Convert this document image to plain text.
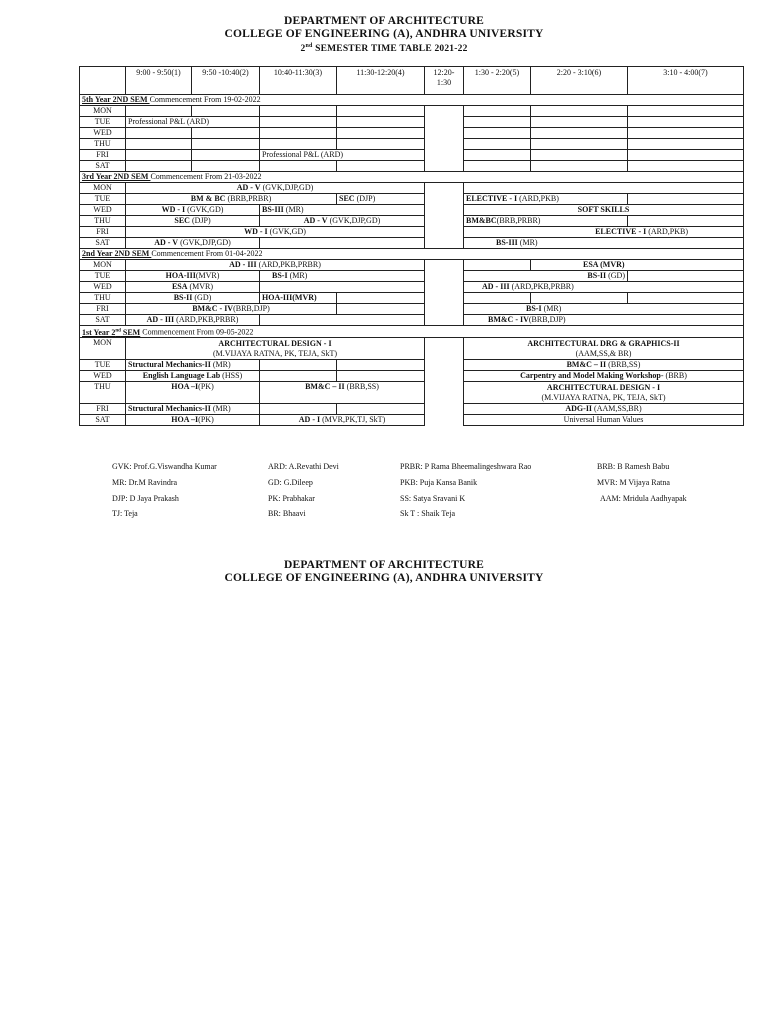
DEPARTMENT OF ARCHITECTURE
COLLEGE OF ENGINEERING (A), ANDHRA UNIVERSITY
2nd SEMESTER TIME TABLE 2021-22
	9:00 - 9:50(1)	9:50 -10:40(2)	10:40-11:30(3)	11:30-12:20(4)	12:20-1:30	1:30 - 2:20(5)	2:20 - 3:10(6)	3:10 - 4:00(7)
5th Year 2ND SEM Commencement From 19-02-2022								
MON								
TUE	Professional P&L (ARD)							
WED								
THU								
FRI			Professional P&L (ARD)					
SAT								
3rd Year 2ND SEM Commencement From 21-03-2022								
MON	AD - V (GVK,DJP,GD)							
TUE	BM & BC (BRB,PRBR)			SEC (DJP)		ELECTIVE - I (ARD,PKB)		
WED	WD - I (GVK,GD)		BS-III (MR)			SOFT SKILLS		
THU	SEC (DJP)		AD - V (GVK,DJP,GD)			BM&BC(BRB,PRBR)		
FRI	WD - I (GVK,GD)					ELECTIVE - I (ARD,PKB)		
SAT	AD - V (GVK,DJP,GD)					BS-III (MR)		
2nd Year 2ND SEM Commencement From 01-04-2022								
MON	AD - III (ARD,PKB,PRBR)						ESA (MVR)	
TUE	HOA-III(MVR)		BS-I (MR)			BS-II (GD)		
WED	ESA (MVR)					AD - III (ARD,PKB,PRBR)		
THU	BS-II (GD)		HOA-III(MVR)					
FRI	BM&C - IV(BRB,DJP)					BS-I (MR)		
SAT	AD - III (ARD,PKB,PRBR)					BM&C - IV(BRB,DJP)		
1st Year 2nd SEM Commencement From 09-05-2022								
MON	ARCHITECTURAL DESIGN - I
(M.VIJAYA RATNA, PK, TEJA, SkT)					ARCHITECTURAL DRG & GRAPHICS-II
(AAM,SS,& BR)		
TUE	Structural Mechanics-II (MR)					BM&C – II (BRB,SS)		
WED	English Language Lab (HSS)					Carpentry and Model Making Workshop- (BRB)		
THU	HOA –I(PK)		BM&C – II (BRB,SS)			ARCHITECTURAL DESIGN - I
(M.VIJAYA RATNA, PK, TEJA, SkT)		
FRI	Structural Mechanics-II (MR)					ADG-II (AAM,SS,BR)		
SAT	HOA –I(PK)		AD - I (MVR,PK,TJ, SkT)			Universal Human Values		
GVK: Prof.G.Viswandha Kumar	ARD: A.Revathi Devi	PRBR: P Rama Bheemalingeshwara Rao	BRB: B Ramesh Babu
MR: Dr.M Ravindra	GD: G.Dileep	PKB: Puja Kansa Banik	MVR: M Vijaya Ratna
DJP: D Jaya Prakash	PK: Prabhakar	SS: Satya Sravani K	AAM: Mridula Aadhyapak
TJ: Teja	BR: Bhaavi	Sk T : Shaik Teja
DEPARTMENT OF ARCHITECTURE
COLLEGE OF ENGINEERING (A), ANDHRA UNIVERSITY
